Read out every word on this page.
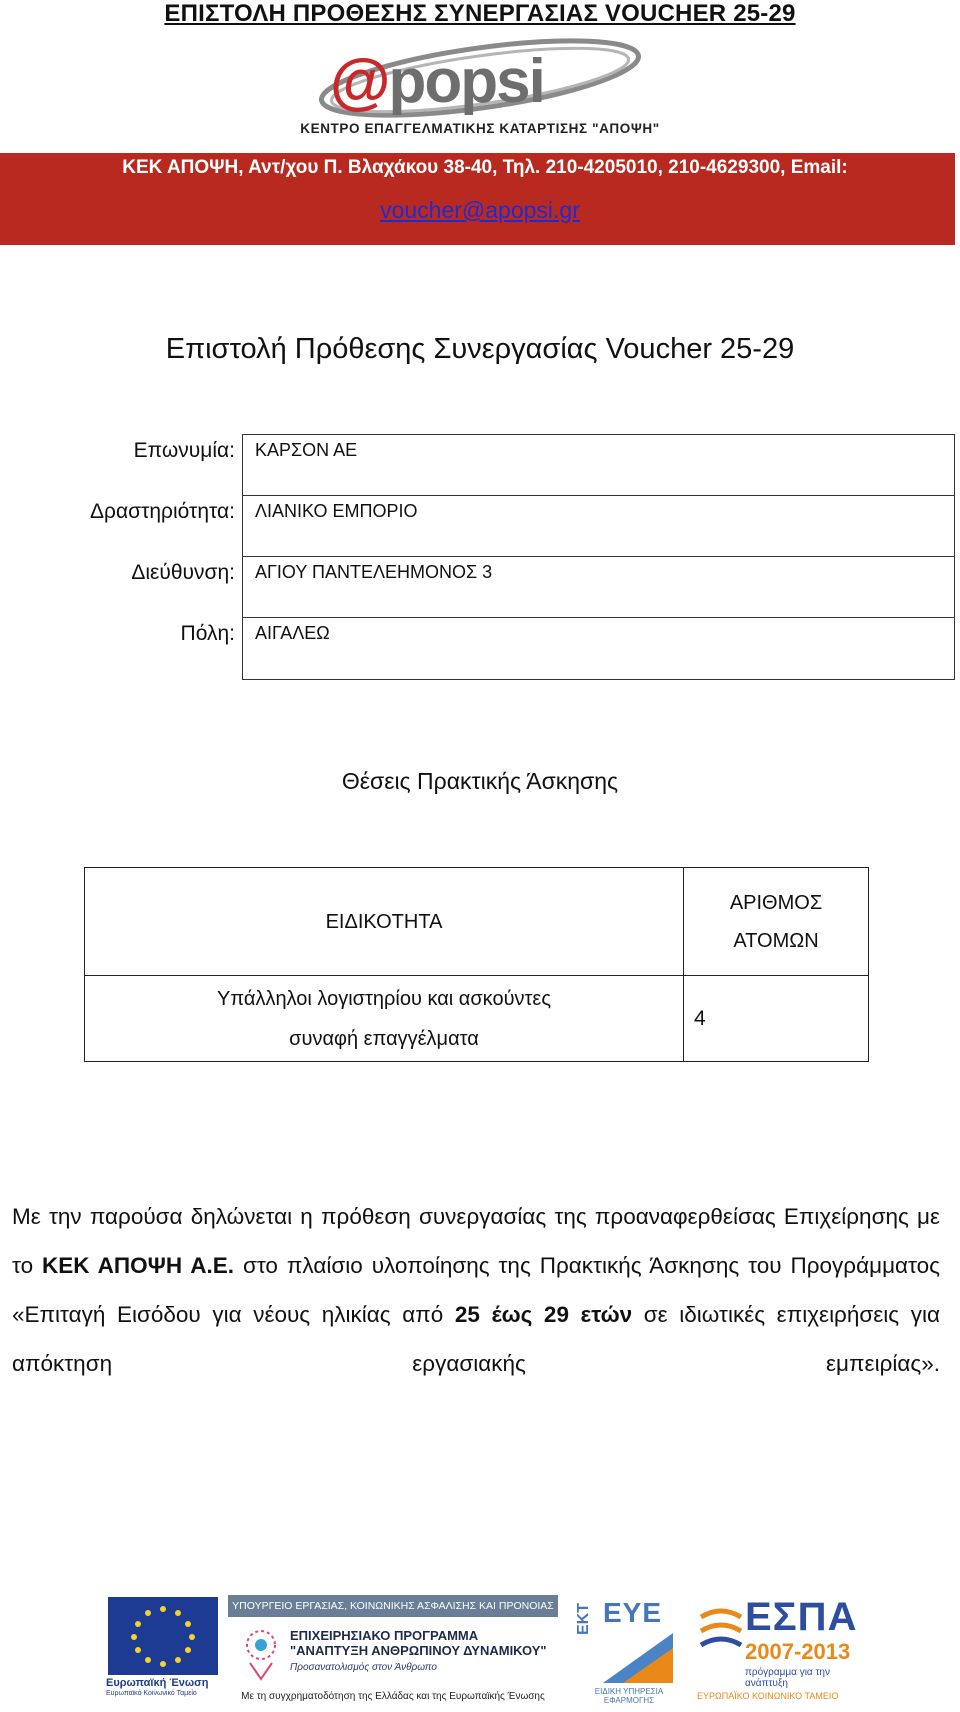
ΕΠΙΣΤΟΛΗ ΠΡΟΘΕΣΗΣ ΣΥΝΕΡΓΑΣΙΑΣ VOUCHER 25-29
@popsi
ΚΕΝΤΡΟ ΕΠΑΓΓΕΛΜΑΤΙΚΗΣ ΚΑΤΑΡΤΙΣΗΣ "ΑΠΟΨΗ"
ΚΕΚ ΑΠΟΨΗ, Αντ/χου Π. Βλαχάκου 38-40, Τηλ. 210-4205010, 210-4629300, Email:
voucher@apopsi.gr
Επιστολή Πρόθεσης Συνεργασίας Voucher 25-29
Επωνυμία:
Δραστηριότητα:
Διεύθυνση:
Πόλη:
ΚΑΡΣΟΝ ΑΕ
ΛΙΑΝΙΚΟ ΕΜΠΟΡΙΟ
ΑΓΙΟΥ ΠΑΝΤΕΛΕΗΜΟΝΟΣ 3
ΑΙΓΑΛΕΩ
Θέσεις Πρακτικής Άσκησης
ΕΙΔΙΚΟΤΗΤΑ
ΑΡΙΘΜΟΣ ΑΤΟΜΩΝ
Υπάλληλοι λογιστηρίου και ασκούντες συναφή επαγγέλματα
4
Με την παρούσα δηλώνεται η πρόθεση συνεργασίας της προαναφερθείσας Επιχείρησης με το ΚΕΚ ΑΠΟΨΗ Α.Ε. στο πλαίσιο υλοποίησης της Πρακτικής Άσκησης του Προγράμματος «Επιταγή Εισόδου για νέους ηλικίας από 25 έως 29 ετών σε ιδιωτικές επιχειρήσεις για απόκτηση εργασιακής εμπειρίας».
Ευρωπαϊκή Ένωση
Ευρωπαϊκό Κοινωνικό Ταμείο
ΥΠΟΥΡΓΕΙΟ ΕΡΓΑΣΙΑΣ, ΚΟΙΝΩΝΙΚΗΣ ΑΣΦΑΛΙΣΗΣ ΚΑΙ ΠΡΟΝΟΙΑΣ
ΕΠΙΧΕΙΡΗΣΙΑΚΟ ΠΡΟΓΡΑΜΜΑ
"ΑΝΑΠΤΥΞΗ ΑΝΘΡΩΠΙΝΟΥ ΔΥΝΑΜΙΚΟΥ"
Προσανατολισμός στον Άνθρωπο
Με τη συγχρηματοδότηση της Ελλάδας και της Ευρωπαϊκής Ένωσης
ΕΚΤ ΕΥΕ
ΕΙΔΙΚΗ ΥΠΗΡΕΣΙΑ ΕΦΑΡΜΟΓΗΣ
ΕΣΠΑ
2007-2013
πρόγραμμα για την ανάπτυξη
ΕΥΡΩΠΑΪΚΟ ΚΟΙΝΩΝΙΚΟ ΤΑΜΕΙΟ
